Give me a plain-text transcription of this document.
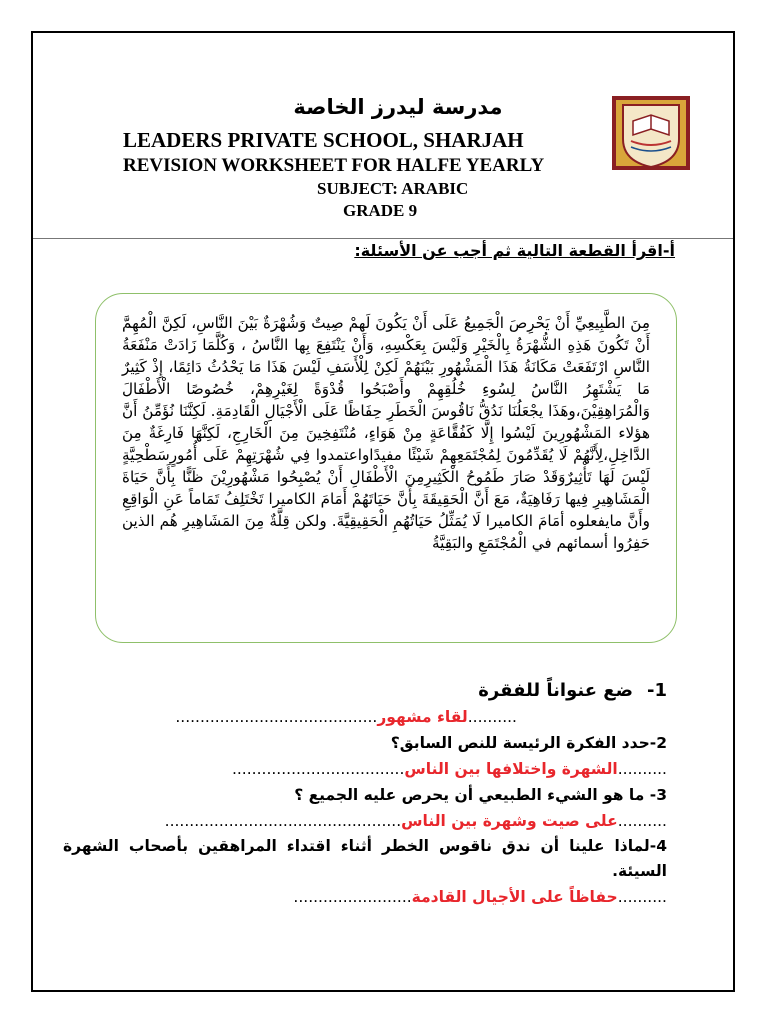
مدرسة ليدرز الخاصة
LEADERS PRIVATE SCHOOL, SHARJAH
REVISION WORKSHEET FOR HALFE YEARLY
SUBJECT: ARABIC
GRADE 9
أ-اقرأ القطعة التالية ثم أجب عن الأسئلة:
مِنَ الطَّبِيعِيِّ أَنْ يَحْرِصَ الْجَمِيعُ عَلَى أَنْ يَكُونَ لَهمْ صِيتٌ وَشُهْرَةٌ بَيْنَ النَّاسِ، لَكِنَّ الْمُهِمَّ أَنْ تَكُونَ هَذِهِ الشُّهْرَةُ بِالْخَيْرِ وَلَيْسَ بِعَكْسِهِ، وَأَنْ يَنْتَفِعَ بِها النَّاسُ ، وَكُلَّمَا زَادَتْ مَنْفَعَةُ النَّاسِ ارْتَفَعَتْ مَكَانَةُ هَذَا الْمَشْهُورِ بَيْنَهُمْ لَكِنْ لِلْأَسَفِ لَيْسَ هَذَا مَا يَحْدُثُ دَائِمًا، إِذْ كَثِيرٌ مَا يَشْتَهِرُ النَّاسُ لِسُوءِ خُلُقِهِمْ وأَصْبَحُوا قُدْوَةً لِغَيْرِهِمْ، خُصُوصًا الْأَطْفَالَ وَالْمُرَاهِقِيْنَ،وهَذَا يجْعَلُنَا نَدُقُّ نَاقُوسَ الْخَطَرِ حِفَاظًا عَلَى الْأَجْيَالِ الْقَادِمَةِ. لَكِنَّنَا نُؤَمِّنُ أَنَّ هؤلاء المَشْهُورِينَ لَيْسُوا إِلَّا كَفُقَّاعَةٍ مِنْ هَوَاءٍ، مُنْتَفِخِينَ مِنَ الْخَارِجِ، لَكِنَّهَا فَارِغَةٌ مِنَ الدَّاخِلِ،لِأَنَّهُمْ لَا يُقَدِّمُونَ لِمُجْتَمَعِهِمْ شَيْئًا مفيدًاواعتمدوا فِي شُهْرَتِهِمْ عَلَى أُمُورٍسَطْحِيَّةٍ لَيْسَ لَهَا تَأْثِيرٌوَقَدْ صَارَ طَمُوحُ الْكَثِيرِمِنَ الْأَطْفَالِ أَنْ يُصْبِحُوا مَشْهُورِيْنَ ظَنًّا بِأَنَّ حَيَاةَ الْمَشَاهِيرِ فِيها رَفَاهِيَةٌ، مَعَ أَنَّ الْحَقِيقَةَ بِأَنَّ حَيَاتَهُمْ أَمَامَ الكاميرا تَخْتَلِفُ تَمَاماً عَنِ الْوَاقِعِ وأَنَّ مايفعلوه أمَامَ الكاميرا لَا يُمَثِّلُ حَيَاتُهُمِ الْحَقِيقِيَّةَ. ولكن قِلَّةٌ مِنَ المَشَاهِيرِ هُم الذين حَفِرُوا أسمائهم في الْمُجْتَمَعِ والبَقِيَّةُ
1-
ضع عنواناً للفقرة
..........لقاء مشهور.........................................
2-حدد الفكرة الرئيسة للنص السابق؟
..........الشهرة واختلافها بين الناس...................................
3- ما هو الشيء الطبيعي أن يحرص عليه الجميع ؟
..........على صيت وشهرة بين الناس................................................
4-لماذا علينا أن ندق ناقوس الخطر أثناء اقتداء المراهقين بأصحاب الشهرة السيئة.
..........حفاظاً على الأجيال القادمة........................
